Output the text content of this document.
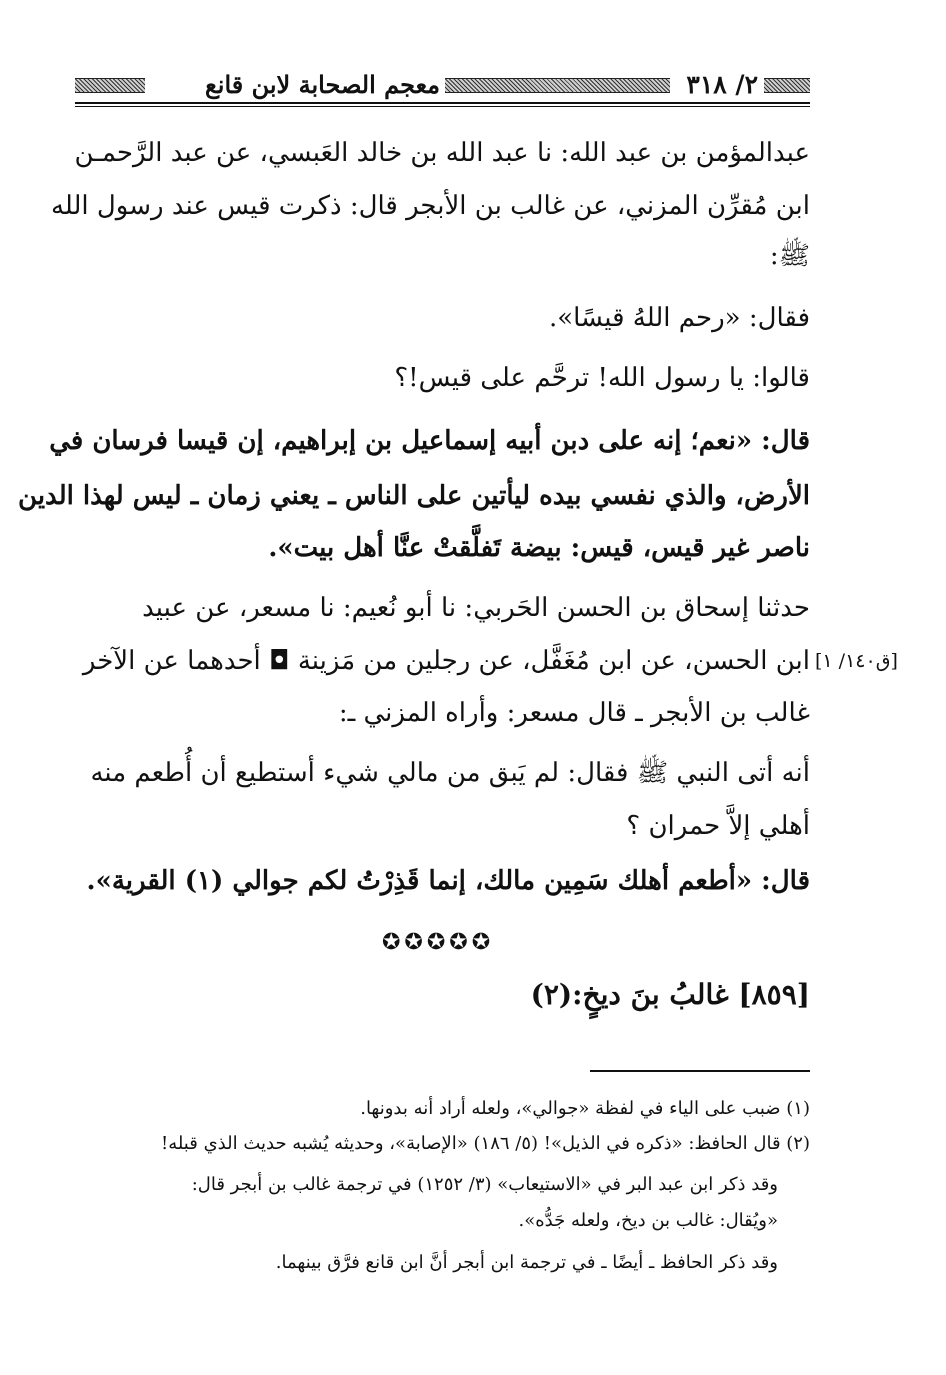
٢/ ٣١٨
معجم الصحابة لابن قانع
عبدالمؤمن بن عبد الله: نا عبد الله بن خالد العَبسي، عن عبد الرَّحمـن
ابن مُقرِّن المزني، عن غالب بن الأبجر قال: ذكرت قيس عند رسول الله
ﷺ:
فقال: «رحم اللهُ قيسًا».
قالوا: يا رسول الله! ترحَّم على قيس!؟
قال: «نعم؛ إنه على دبن أبيه إسماعيل بن إبراهيم، إن قيسا فرسان في
الأرض، والذي نفسي بيده ليأتين على الناس ـ يعني زمان ـ ليس لهذا الدين
ناصر غير قيس، قيس: بيضة تَفلَّقتْ عنَّا أهل بيت».
حدثنا إسحاق بن الحسن الحَربي: نا أبو نُعيم: نا مسعر، عن عبيد
ابن الحسن، عن ابن مُغَفَّل، عن رجلين من مَزينة ◘ أحدهما عن الآخر
غالب بن الأبجر ـ قال مسعر: وأراه المزني ـ:
أنه أتى النبي ﷺ فقال: لم يَبق من مالي شيء أستطيع أن أُطعم منه
أهلي إلاَّ حمران ؟
قال: «أطعم أهلك سَمِين مالك، إنما قَذِرْتُ لكم جوالي (١) القرية».
[ق١٤٠/ ١]
✪✪✪✪✪
[٨٥٩] غالبُ بنَ ديخٍ:(٢)
(١) ضبب على الياء في لفظة «جوالي»، ولعله أراد أنه بدونها.
(٢) قال الحافظ: «ذكره في الذيل»! (٥/ ١٨٦) «الإصابة»، وحديثه يُشبه حديث الذي قبله!
وقد ذكر ابن عبد البر في «الاستيعاب» (٣/ ١٢٥٢) في ترجمة غالب بن أبجر قال:
«ويُقال: غالب بن ديخ، ولعله جَدُّه».
وقد ذكر الحافظ ـ أيضًا ـ في ترجمة ابن أبجر أنَّ ابن قانع فرَّق بينهما.
